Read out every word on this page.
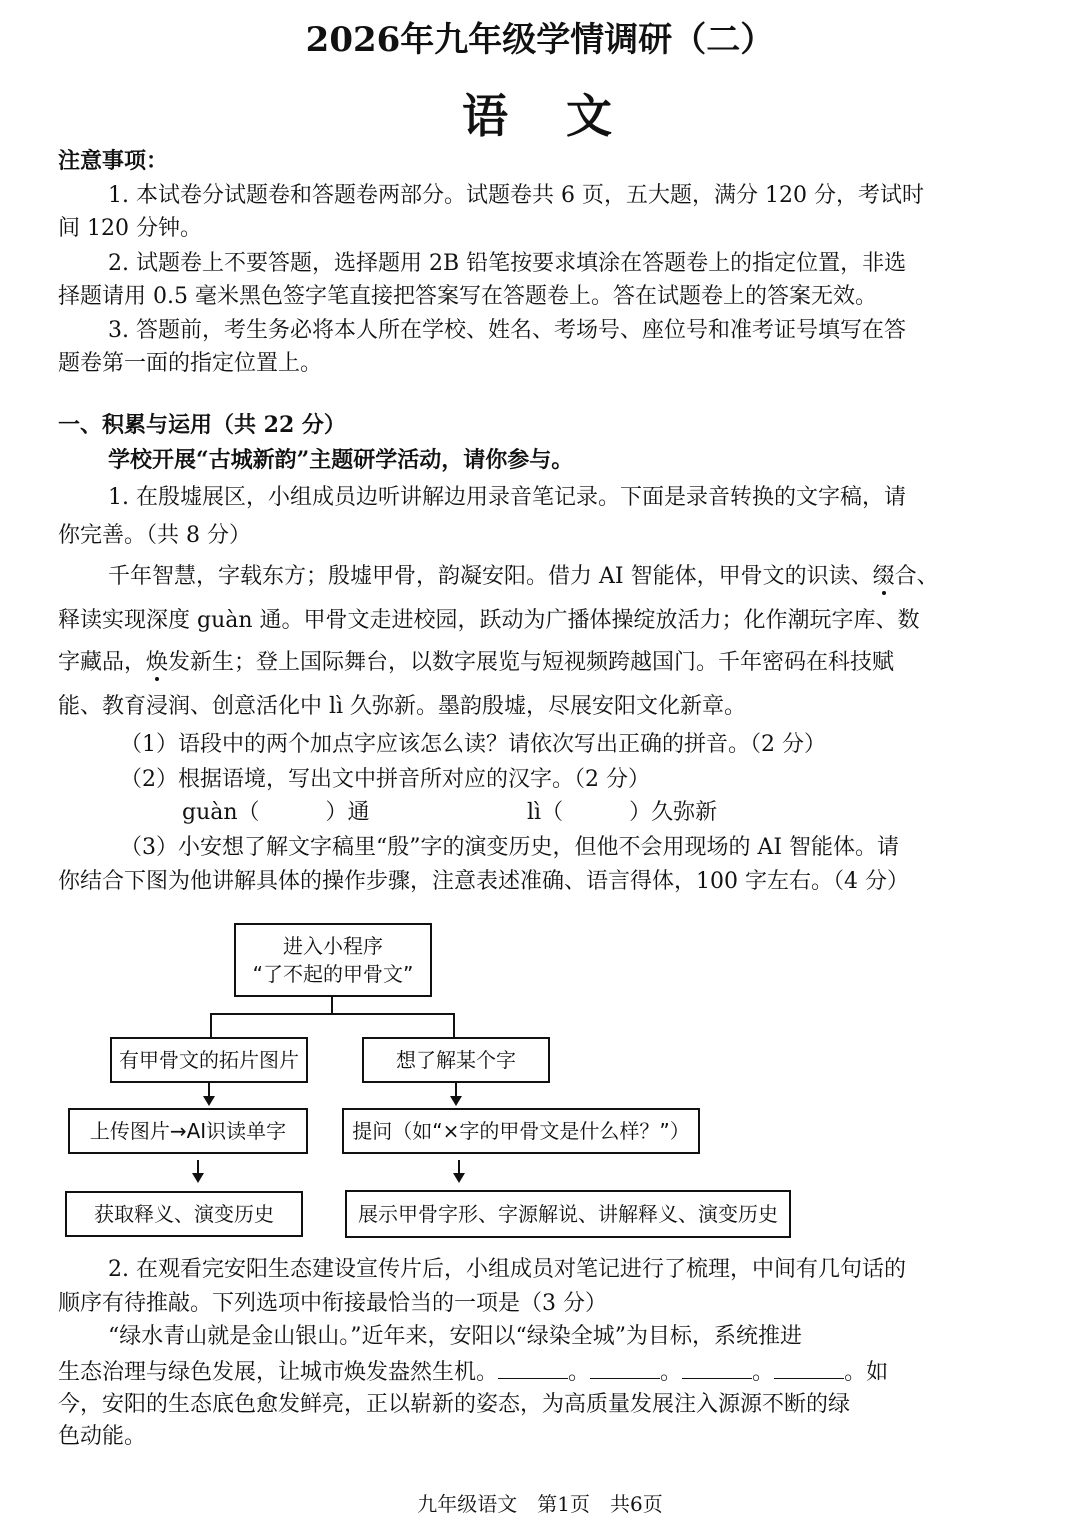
2026年九年级学情调研（二）
语　文
注意事项：
1. 本试卷分试题卷和答题卷两部分。试题卷共 6 页，五大题，满分 120 分，考试时
间 120 分钟。
2. 试题卷上不要答题，选择题用 2B 铅笔按要求填涂在答题卷上的指定位置，非选
择题请用 0.5 毫米黑色签字笔直接把答案写在答题卷上。答在试题卷上的答案无效。
3. 答题前，考生务必将本人所在学校、姓名、考场号、座位号和准考证号填写在答
题卷第一面的指定位置上。
一、积累与运用（共 22 分）
学校开展“古城新韵”主题研学活动，请你参与。
1. 在殷墟展区，小组成员边听讲解边用录音笔记录。下面是录音转换的文字稿，请
你完善。（共 8 分）
千年智慧，字载东方；殷墟甲骨，韵凝安阳。借力 AI 智能体，甲骨文的识读、缀合、
释读实现深度 guàn 通。甲骨文走进校园，跃动为广播体操绽放活力；化作潮玩字库、数
字藏品，焕发新生；登上国际舞台，以数字展览与短视频跨越国门。千年密码在科技赋
能、教育浸润、创意活化中 lì 久弥新。墨韵殷墟，尽展安阳文化新章。
（1）语段中的两个加点字应该怎么读？请依次写出正确的拼音。（2 分）
（2）根据语境，写出文中拼音所对应的汉字。（2 分）
guàn（　　　）通	lì（　　　）久弥新
（3）小安想了解文字稿里“殷”字的演变历史，但他不会用现场的 AI 智能体。请
你结合下图为他讲解具体的操作步骤，注意表述准确、语言得体，100 字左右。（4 分）
进入小程序
“了不起的甲骨文”
有甲骨文的拓片图片	想了解某个字
上传图片→AI识读单字	提问（如“×字的甲骨文是什么样？”）
获取释义、演变历史	展示甲骨字形、字源解说、讲解释义、演变历史
2. 在观看完安阳生态建设宣传片后，小组成员对笔记进行了梳理，中间有几句话的
顺序有待推敲。下列选项中衔接最恰当的一项是（3 分）
“绿水青山就是金山银山。”近年来，安阳以“绿染全城”为目标，系统推进
生态治理与绿色发展，让城市焕发盎然生机。	。	。	。	。如
今，安阳的生态底色愈发鲜亮，正以崭新的姿态，为高质量发展注入源源不断的绿
色动能。
九年级语文　第1页　共6页
